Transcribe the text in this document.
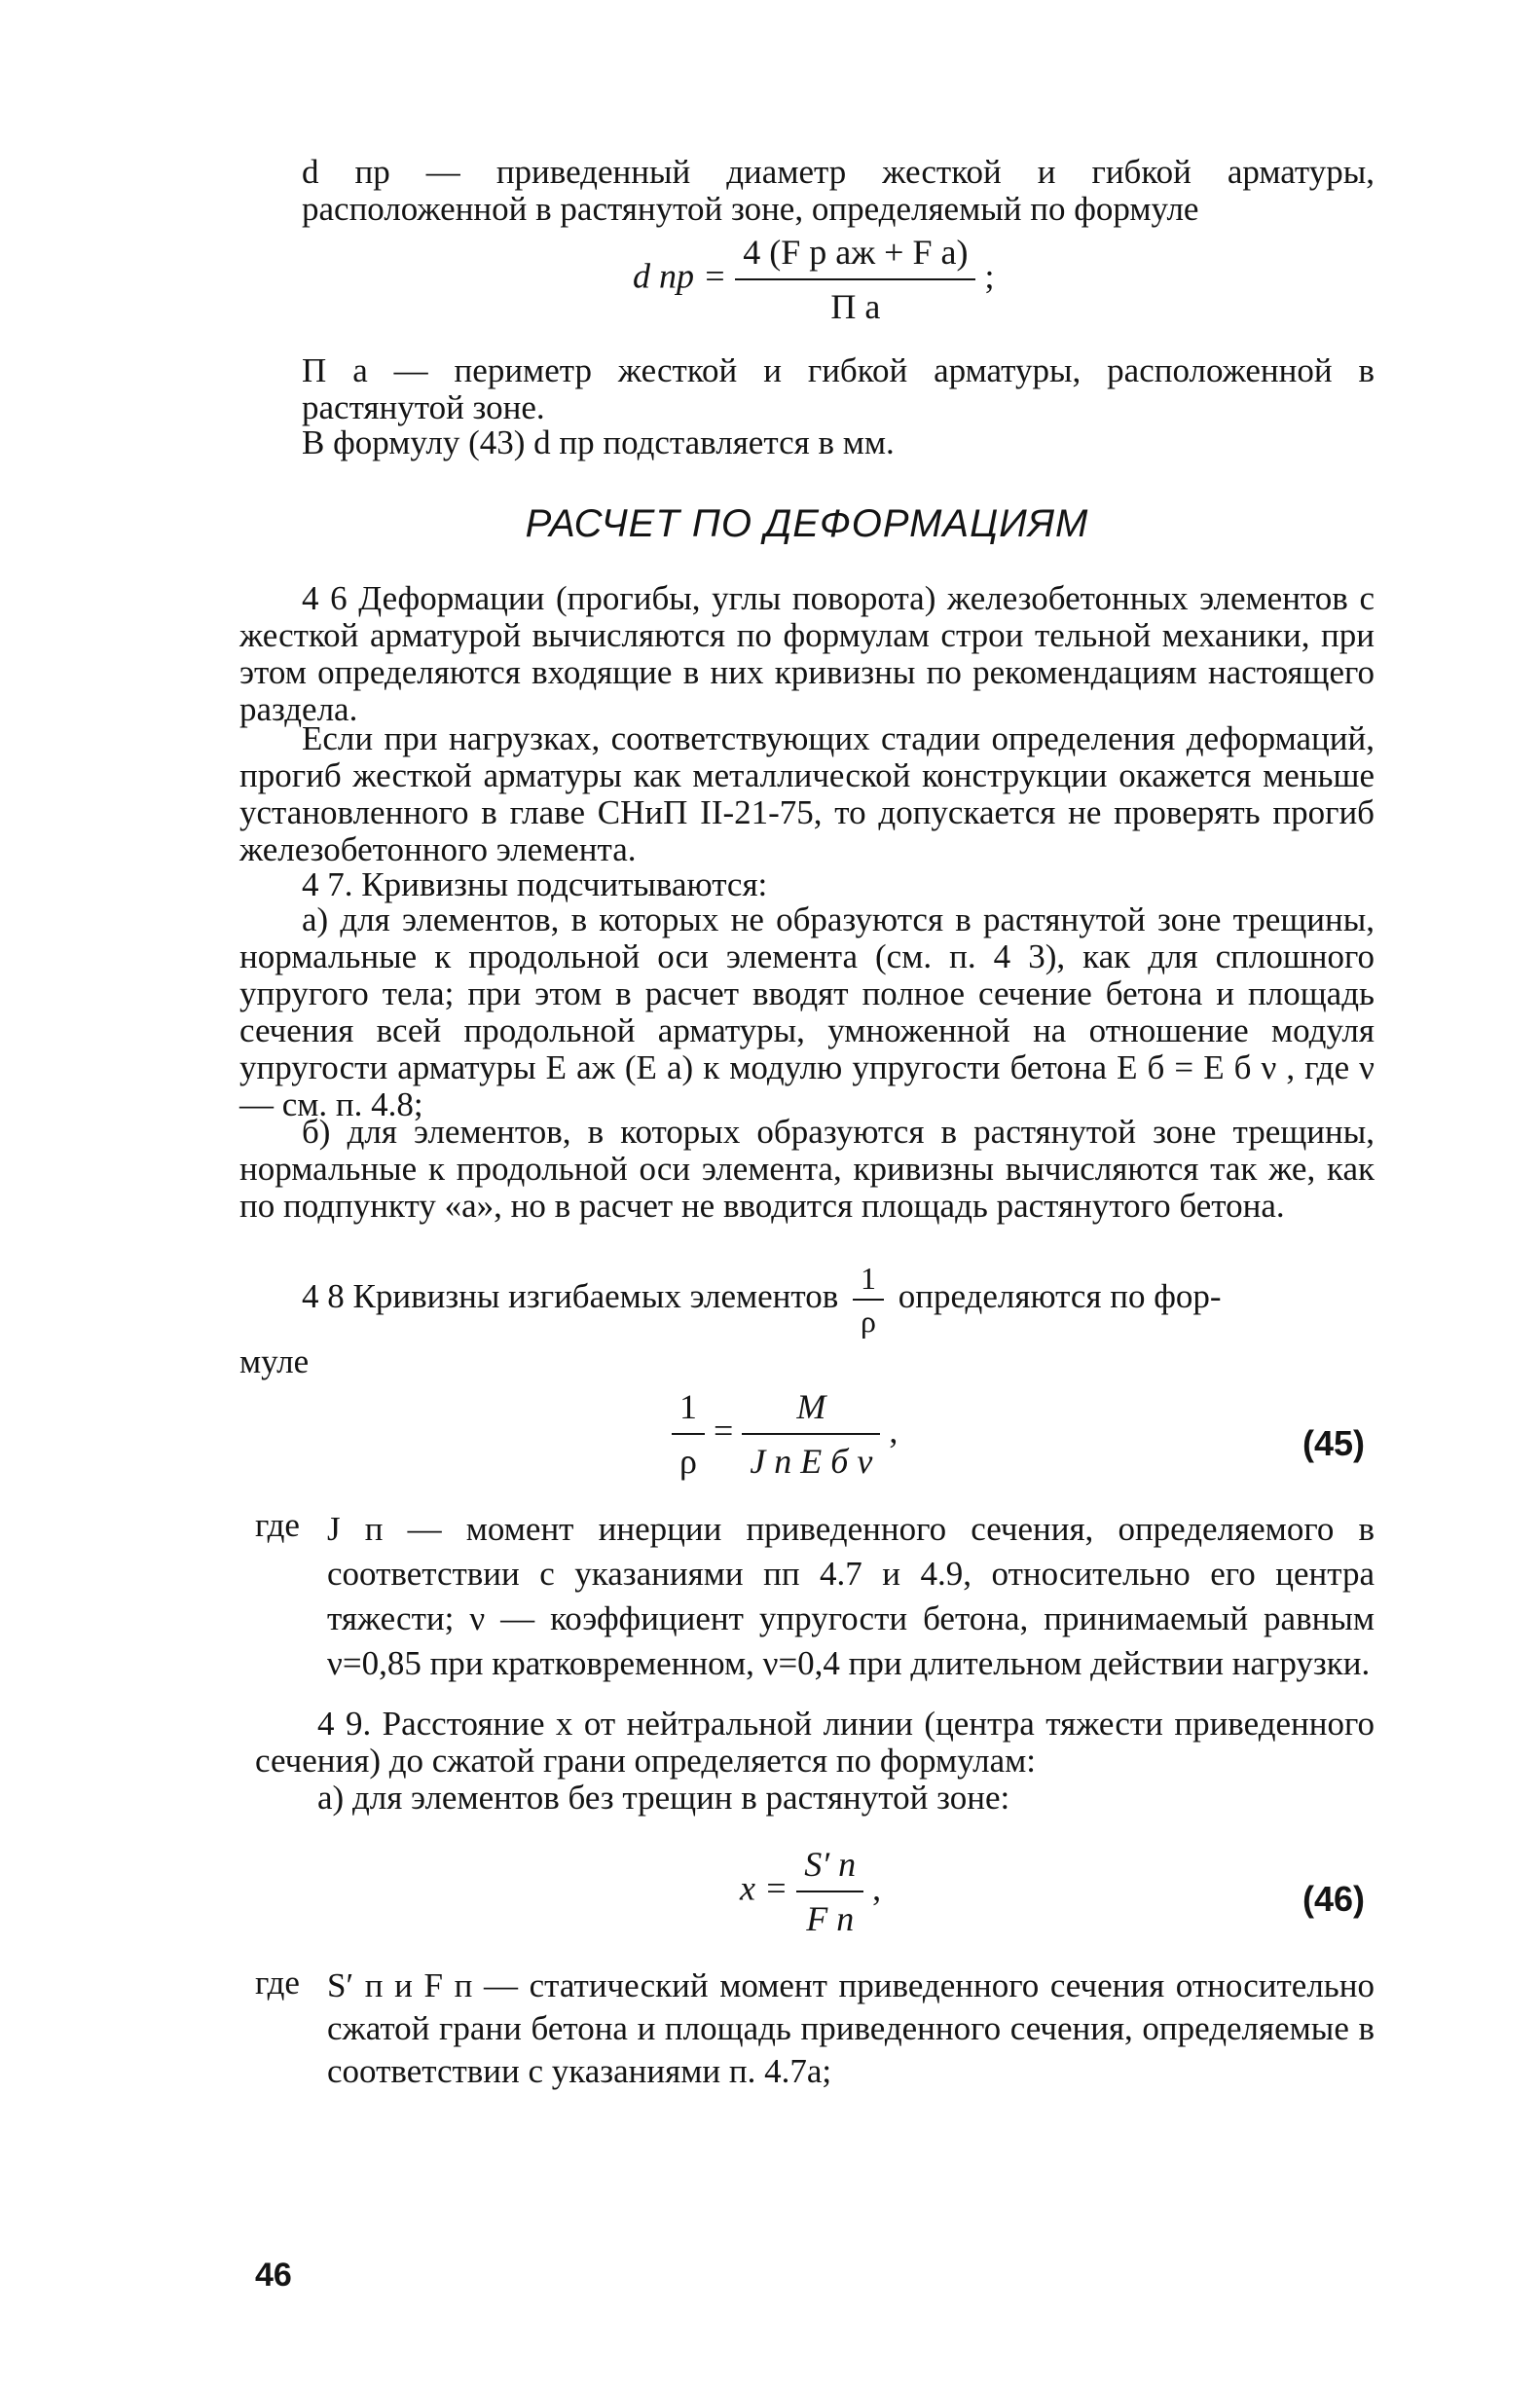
d пр — приведенный диаметр жесткой и гибкой арматуры, расположенной в растянутой зоне, определяемый по формуле

d пр = $\frac{\text{4 (F р аж + F а)}}{\text{П а}}$ ;

П а — периметр жесткой и гибкой арматуры, расположенной в растянутой зоне.

В формулу (43) d пр подставляется в мм.

РАСЧЕТ ПО ДЕФОРМАЦИЯМ

4 6 Деформации (прогибы, углы поворота) железобетонных элементов с жесткой арматурой вычисляются по формулам строи тельной механики, при этом определяются входящие в них кривизны по рекомендациям настоящего раздела.

Если при нагрузках, соответствующих стадии определения деформаций, прогиб жесткой арматуры как металлической конструкции окажется меньше установленного в главе СНиП II-21-75, то допускается не проверять прогиб железобетонного элемента.

4 7. Кривизны подсчитываются:

а) для элементов, в которых не образуются в растянутой зоне трещины, нормальные к продольной оси элемента (см. п. 4 3), как для сплошного упругого тела; при этом в расчет вводят полное сечение бетона и площадь сечения всей продольной арматуры, умноженной на отношение модуля упругости арматуры E аж (E а) к модулю упругости бетона E б = E б ν , где ν — см. п. 4.8;

б) для элементов, в которых образуются в растянутой зоне трещины, нормальные к продольной оси элемента, кривизны вычисляются так же, как по подпункту «а», но в расчет не вводится площадь растянутого бетона.

4 8 Кривизны изгибаемых элементов $\frac{1}{\rho}$ определяются по фор-
муле
$\frac{1}{\rho} = \frac{M}{\text{J п E б ν}}$ ,	(45)
где J п — момент инерции приведенного сечения, определяемого в соответствии с указаниями пп 4.7 и 4.9, относительно его центра тяжести; ν — коэффициент упругости бетона, принимаемый равным ν=0,85 при кратковременном, ν=0,4 при длительном действии нагрузки.

4 9. Расстояние x от нейтральной линии (центра тяжести приведенного сечения) до сжатой грани определяется по формулам:

а) для элементов без трещин в растянутой зоне:

$x = \frac{S' п}{\text{F п}}$ ,	(46)
где S′ п и F п — статический момент приведенного сечения относительно сжатой грани бетона и площадь приведенного сечения, определяемые в соответствии с указаниями п. 4.7а;

46
